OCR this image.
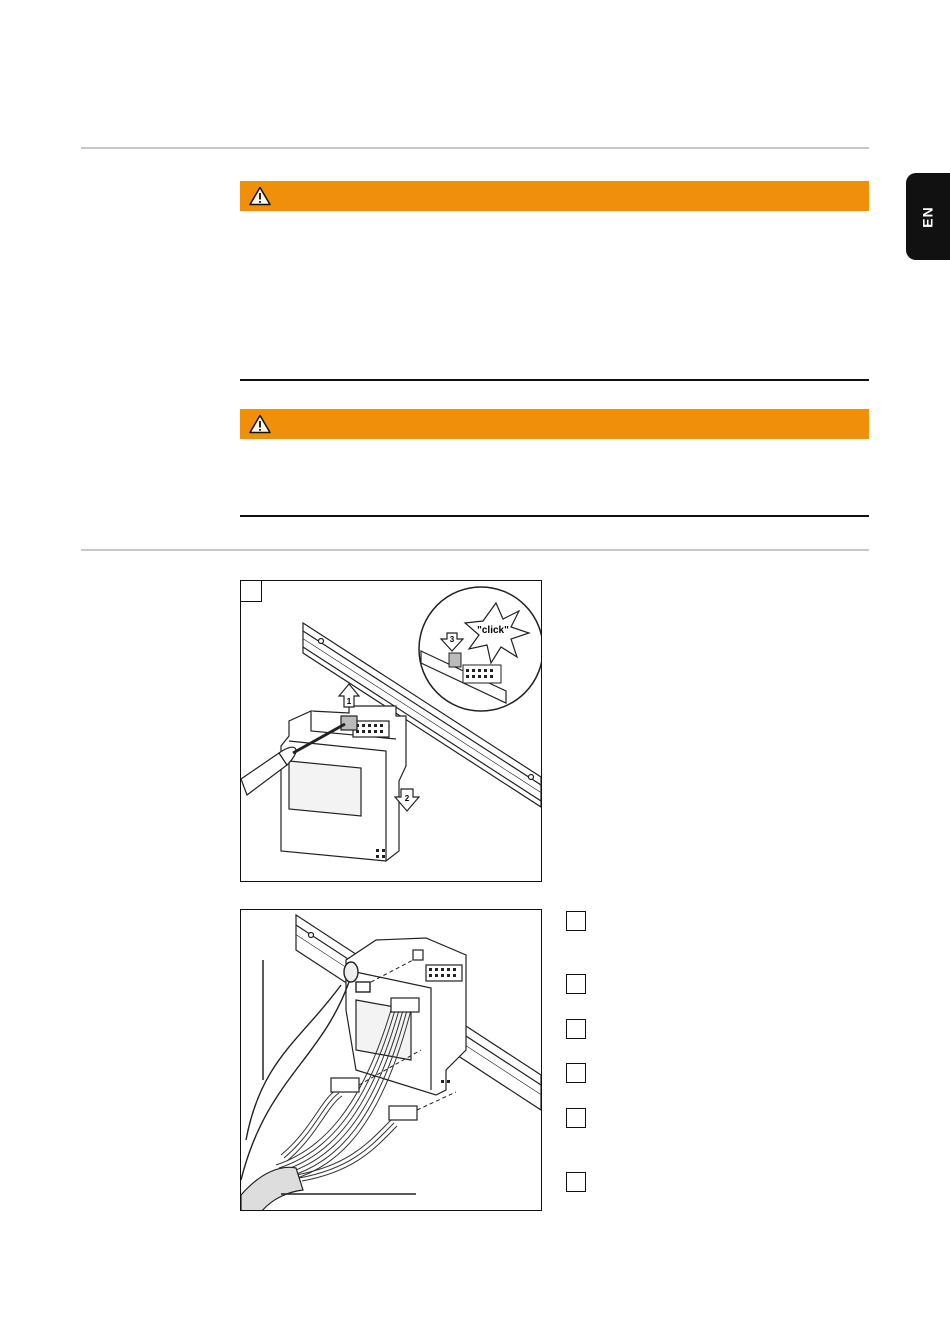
EN
1
2
"click"
3
